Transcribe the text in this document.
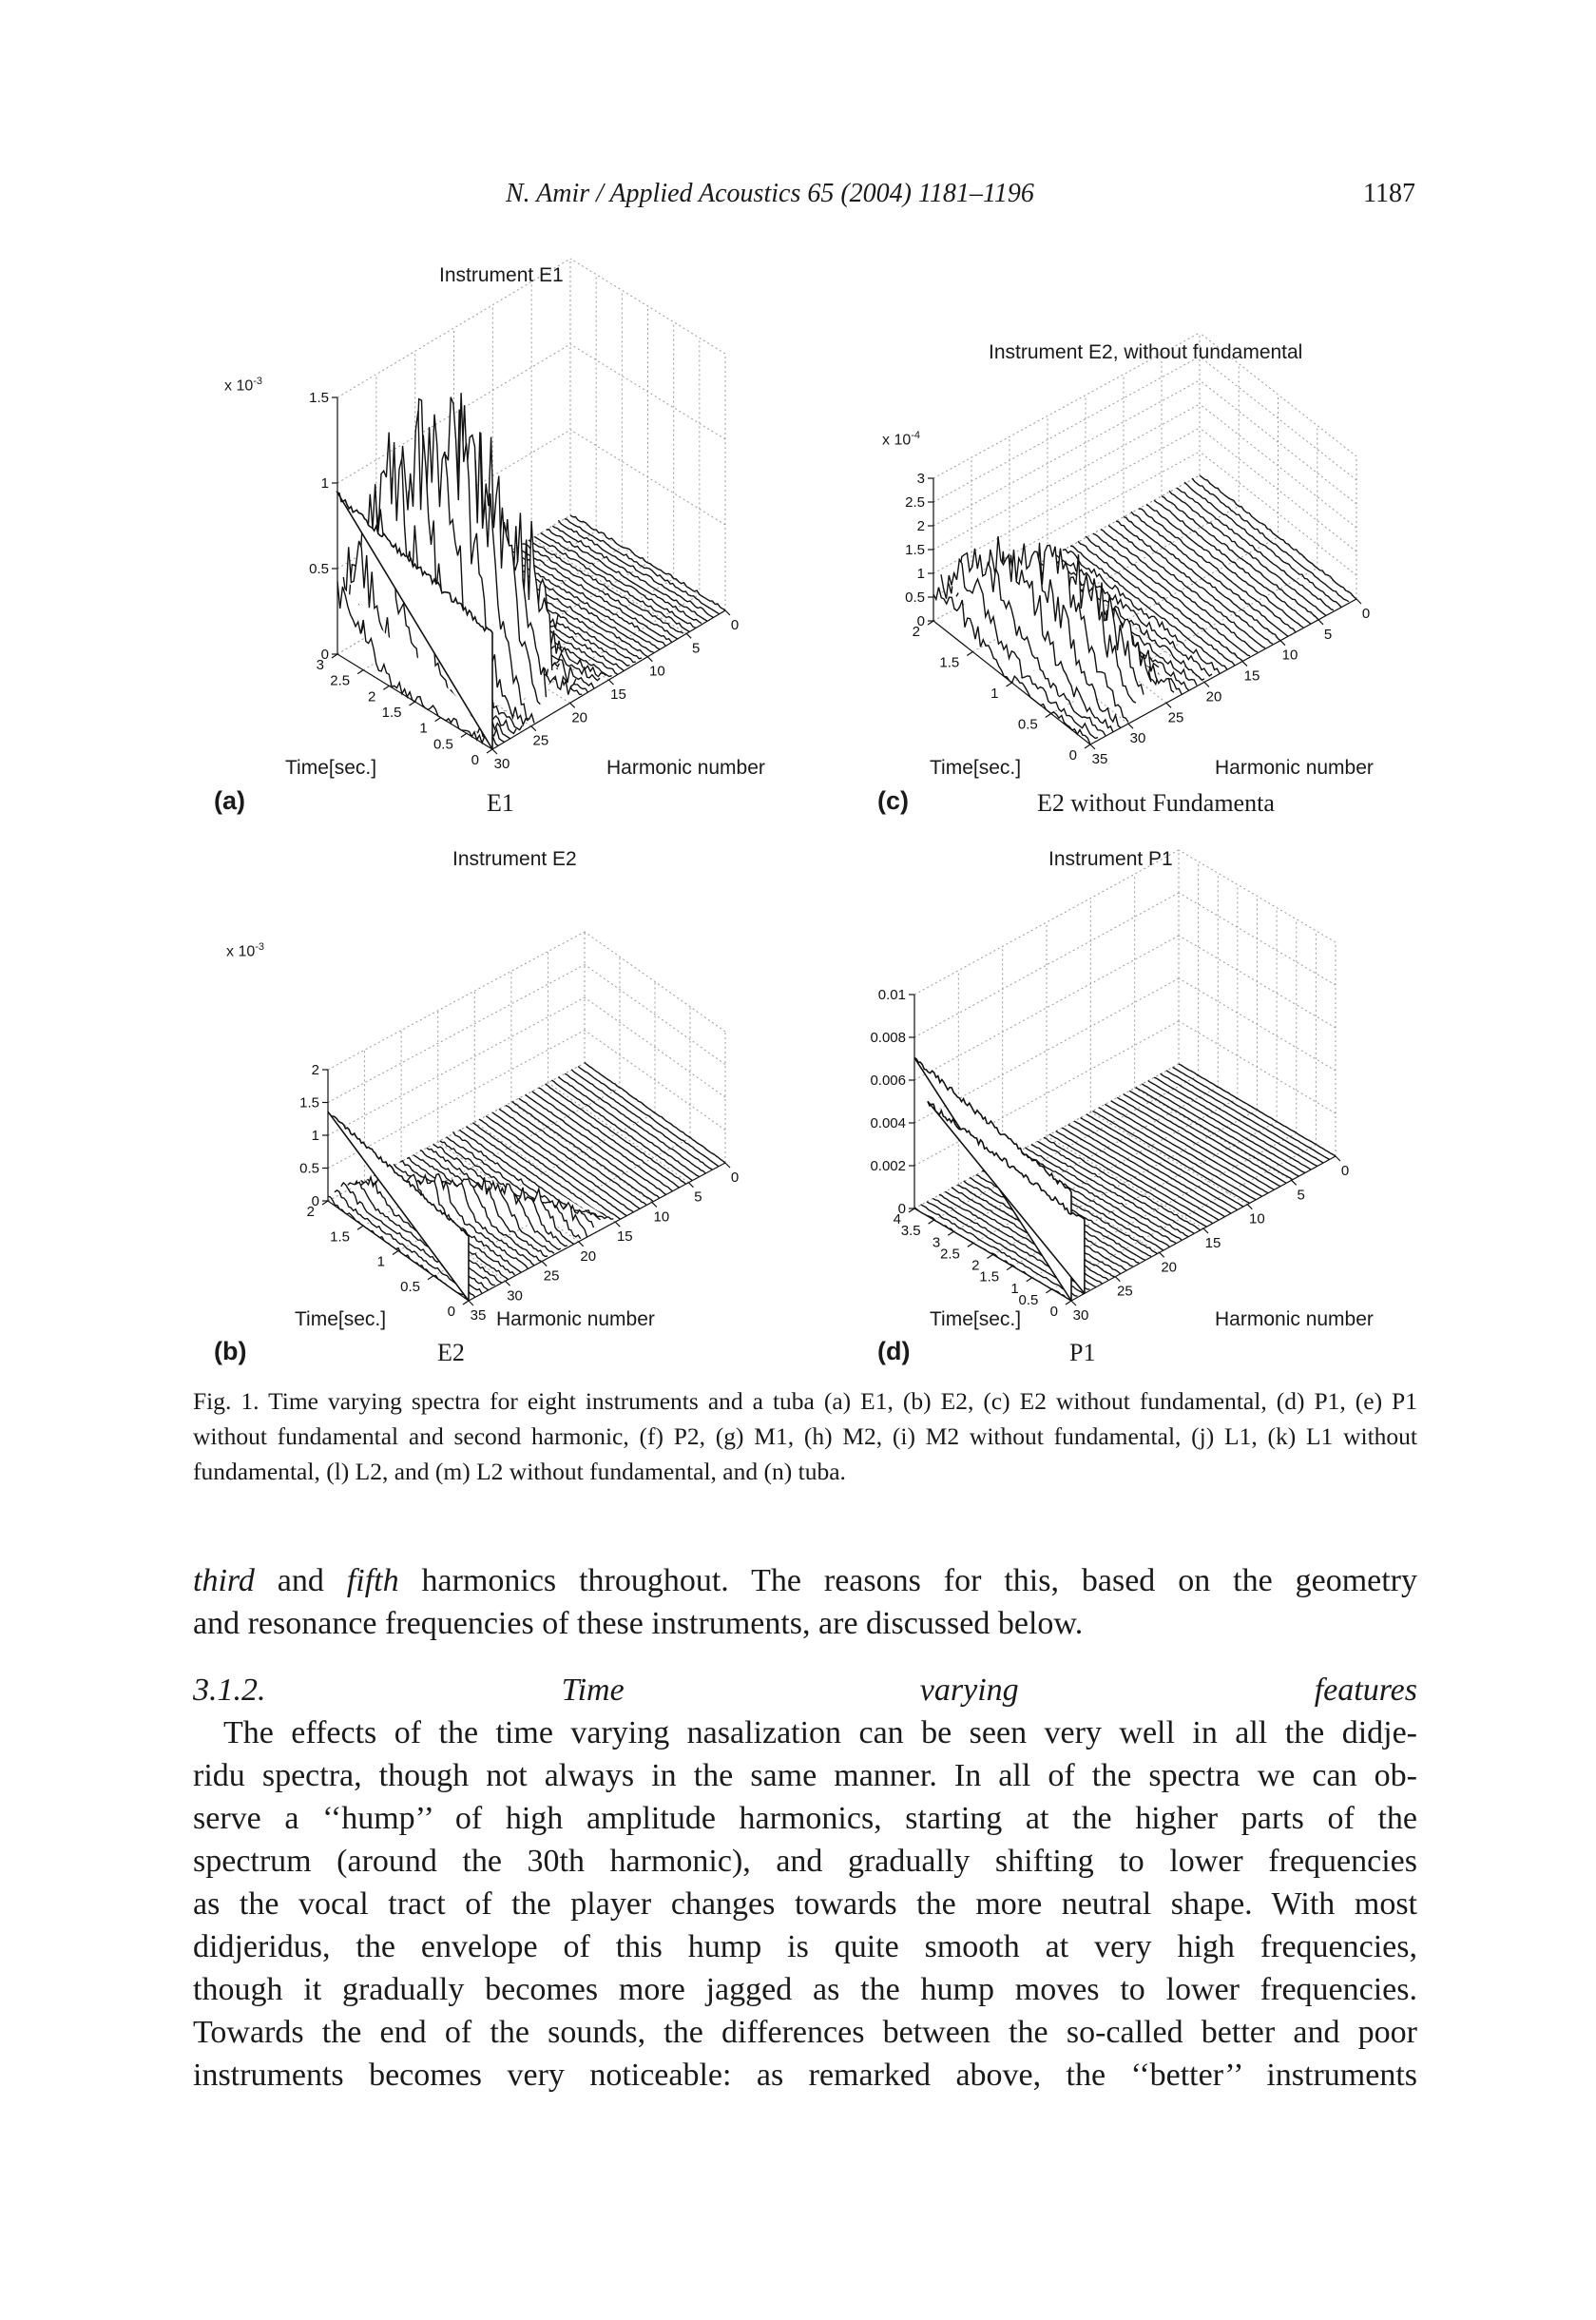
N. Amir / Applied Acoustics 65 (2004) 1181–1196	1187
0
0.5
1
1.5
0
0.5
1
1.5
2
2.5
3
30
25
20
15
10
5
0
Instrument E1
x $10^{-3}$
Time[sec.]	Harmonic number
(a)	E1
0
0.5
1
1.5
2
2.5
3
0
0.5
1
1.5
2
35
30
25
20
15
10
5
0
Instrument E2, without fundamental
x $10^{-4}$
Time[sec.]	Harmonic number
(c)	E2 without Fundamenta
0
0.5
1
1.5
2
0
0.5
1
1.5
2
35
30
25
20
15
10
5
0
Instrument E2
x $10^{-3}$
Time[sec.]	Harmonic number
(b)	E2
0
0.002
0.004
0.006
0.008
0.01
0
0.5
1
1.5
2
2.5
3
3.5
4
30
25
20
15
10
5
0
Instrument P1
Time[sec.]	Harmonic number
(d)	P1
Fig. 1. Time varying spectra for eight instruments and a tuba (a) E1, (b) E2, (c) E2 without fundamental, (d) P1, (e) P1 without fundamental and second harmonic, (f) P2, (g) M1, (h) M2, (i) M2 without fundamental, (j) L1, (k) L1 without fundamental, (l) L2, and (m) L2 without fundamental, and (n) tuba.

third and fifth harmonics throughout. The reasons for this, based on the geometry

and resonance frequencies of these instruments, are discussed below.

3.1.2. Time varying features

The effects of the time varying nasalization can be seen very well in all the didje-

ridu spectra, though not always in the same manner. In all of the spectra we can ob-

serve a ‘‘hump’’ of high amplitude harmonics, starting at the higher parts of the

spectrum (around the 30th harmonic), and gradually shifting to lower frequencies

as the vocal tract of the player changes towards the more neutral shape. With most

didjeridus, the envelope of this hump is quite smooth at very high frequencies,

though it gradually becomes more jagged as the hump moves to lower frequencies.

Towards the end of the sounds, the differences between the so-called better and poor

instruments becomes very noticeable: as remarked above, the ‘‘better’’ instruments
